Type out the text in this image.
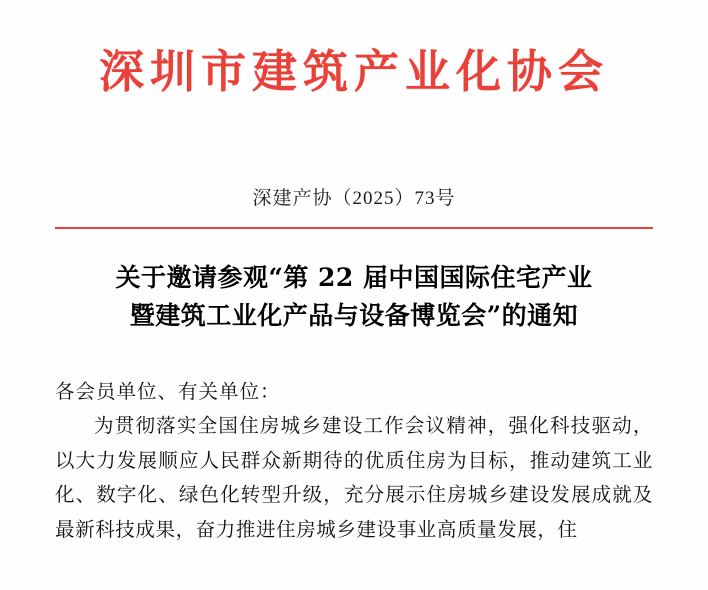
深圳市建筑产业化协会
深建产协（2025）73号
关于邀请参观“第 22 届中国国际住宅产业
暨建筑工业化产品与设备博览会”的通知
各会员单位、有关单位：

为贯彻落实全国住房城乡建设工作会议精神，强化科技驱动，以大力发展顺应人民群众新期待的优质住房为目标，推动建筑工业化、数字化、绿色化转型升级，充分展示住房城乡建设发展成就及最新科技成果，奋力推进住房城乡建设事业高质量发展，住
